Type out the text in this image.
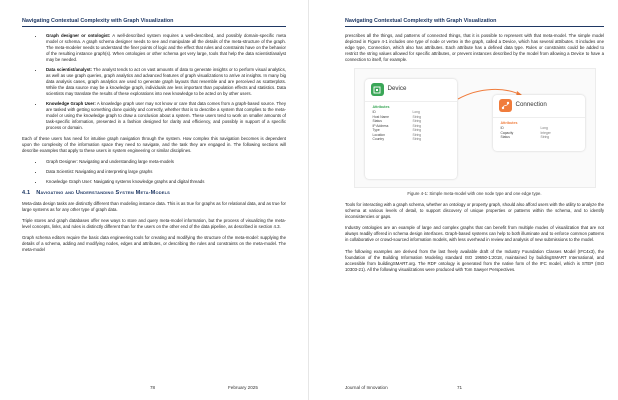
Navigating Contextual Complexity with Graph Visualization
• Graph designer or ontologist: A well-described system requires a well-described, and possibly domain-specific meta model or schema. A graph schema designer needs to see and manipulate all the details of the meta-structure of the graph. The meta-modeler needs to understand the finer points of logic and the effect that rules and constraints have on the behavior of the resulting instance graph(s). When ontologies or other schema get very large, tools that help the data scientist/analyst may be needed.
• Data scientist/analyst: The analyst tends to act on vast amounts of data to generate insights or to perform visual analytics, as well as use graph queries, graph analytics and advanced features of graph visualizations to arrive at insights. In many big data analysis cases, graph analytics are used to generate graph layouts that resemble and are perceived as scatterplots. While the data source may be a knowledge graph, individuals are less important than population effects and statistics. Data scientists may translate the results of these explorations into new knowledge to be acted on by other users.
• Knowledge Graph User: A knowledge graph user may not know or care that data comes from a graph-based source. They are tasked with getting something done quickly and correctly, whether that is to describe a system that complies to the meta-model or using the knowledge graph to draw a conclusion about a system. These users tend to work on smaller amounts of task-specific information, presented in a fashion designed for clarity and efficiency, and possibly in support of a specific process or domain.

Each of these users has need for intuitive graph navigation through the system. How complex this navigation becomes is dependent upon the complexity of the information space they need to navigate, and the task they are engaged in. The following sections will describe examples that apply to these users in system engineering or similar disciplines.

• Graph Designer: Navigating and understanding large meta-models
• Data Scientist: Navigating and interpreting large graphs
• Knowledge Graph User: Navigating systems knowledge graphs and digital threads
4.1 Navigating and Understanding System Meta-Models

Meta-data design tasks are distinctly different than modeling instance data. This is as true for graphs as for relational data, and as true for large systems as for any other type of graph data.

Triple stores and graph databases offer new ways to store and query meta-model information, but the process of visualizing the meta-level concepts, links, and rules is distinctly different than for the users on the other end of the data pipeline, as described in section 4.3.

Graph schema editors require the basic data engineering tools for creating and modifying the structure of the meta-model: supplying the details of a schema, adding and modifying nodes, edges and attributes, or describing the rules and constraints on the meta-model. The meta-model

78	February 2025
Navigating Contextual Complexity with Graph Visualization

prescribes all the things, and patterns of connected things, that it is possible to represent with that meta-model. The simple model depicted in Figure 4-1 includes one type of node or vertex in the graph, called a Device, which has several attributes. It includes one edge type, Connection, which also has attributes. Each attribute has a defined data type. Rules or constraints could be added to restrict the string values allowed for specific attributes, or prevent instances described by the model from allowing a Device to have a connection to itself, for example.

Device
Attributes
ID	Long
Host Name	String
Status	String
IP Address	String
Type	String
Location	String
Country	String
Connection
Attributes
ID	Long
Capacity	Integer
Status	String
Figure 4-1: Simple meta-model with one node type and one edge type.

Tools for interacting with a graph schema, whether an ontology or property graph, should also afford users with the utility to analyze the schema at various levels of detail, to support discovery of unique properties or patterns within the schema, and to identify inconsistencies or gaps.

Industry ontologies are an example of large and complex graphs that can benefit from multiple modes of visualization that are not always readily offered in schema design interfaces. Graph-based systems can help to both illuminate and to enforce common patterns in collaborative or crowd-sourced information models, with less overhead in review and analysis of new submissions to the model.

The following examples are derived from the last freely available draft of the Industry Foundation Classes Model (IFC4x3), the foundation of the Building Information Modeling standard ISO 19650-1:2018, maintained by buildingSMART International, and accessible from buildingSMART.org. The RDF ontology is generated from the native form of the IFC model, which is STEP (ISO 10303-21). All the following visualizations were produced with Tom Sawyer Perspectives.

Journal of Innovation	71
